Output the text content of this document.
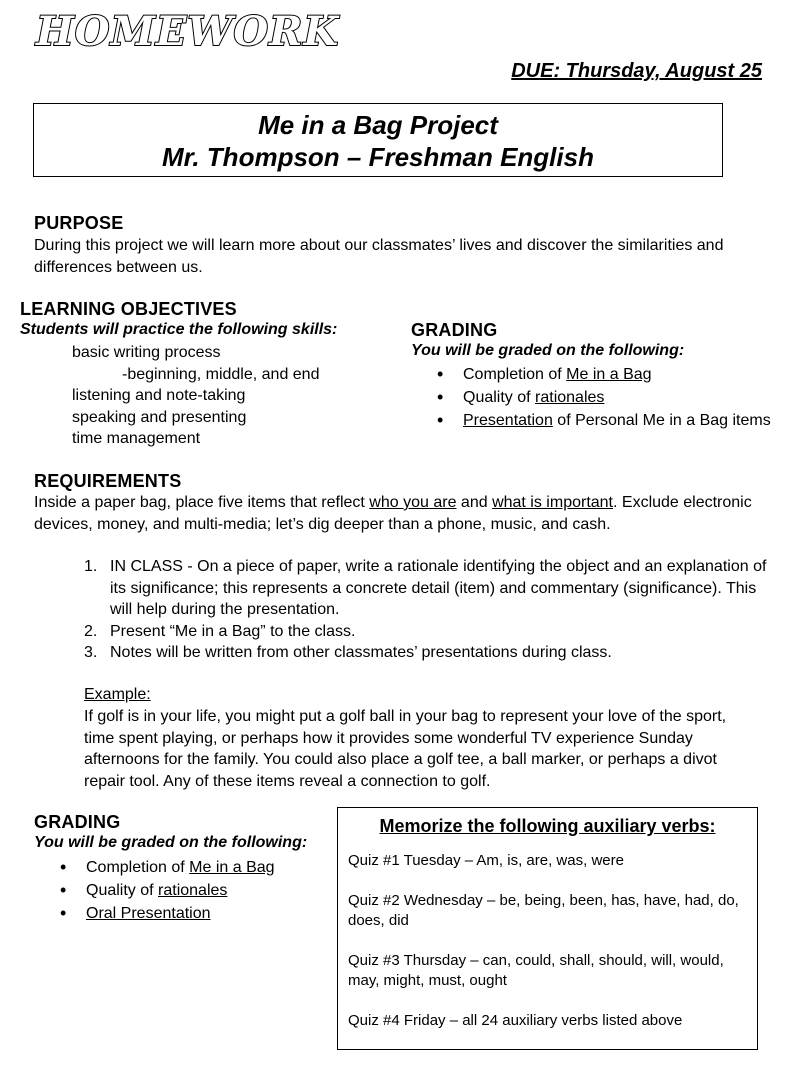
HOMEWORK
DUE: Thursday, August 25
Me in a Bag Project
Mr. Thompson – Freshman English
PURPOSE
During this project we will learn more about our classmates’ lives and discover the similarities and differences between us.
LEARNING OBJECTIVES
Students will practice the following skills:
basic writing process
-beginning, middle, and end
listening and note-taking
speaking and presenting
time management
GRADING
You will be graded on the following:
• Completion of Me in a Bag
• Quality of rationales
• Presentation of Personal Me in a Bag items
REQUIREMENTS
Inside a paper bag, place five items that reflect who you are and what is important. Exclude electronic devices, money, and multi-media; let’s dig deeper than a phone, music, and cash.
1. IN CLASS - On a piece of paper, write a rationale identifying the object and an explanation of its significance; this represents a concrete detail (item) and commentary (significance). This will help during the presentation.
2. Present “Me in a Bag” to the class.
3. Notes will be written from other classmates’ presentations during class.
Example:
If golf is in your life, you might put a golf ball in your bag to represent your love of the sport, time spent playing, or perhaps how it provides some wonderful TV experience Sunday afternoons for the family. You could also place a golf tee, a ball marker, or perhaps a divot repair tool. Any of these items reveal a connection to golf.
GRADING
You will be graded on the following:
• Completion of Me in a Bag
• Quality of rationales
• Oral Presentation
Memorize the following auxiliary verbs:
Quiz #1 Tuesday – Am, is, are, was, were
Quiz #2 Wednesday – be, being, been, has, have, had, do, does, did
Quiz #3 Thursday – can, could, shall, should, will, would, may, might, must, ought
Quiz #4 Friday – all 24 auxiliary verbs listed above
